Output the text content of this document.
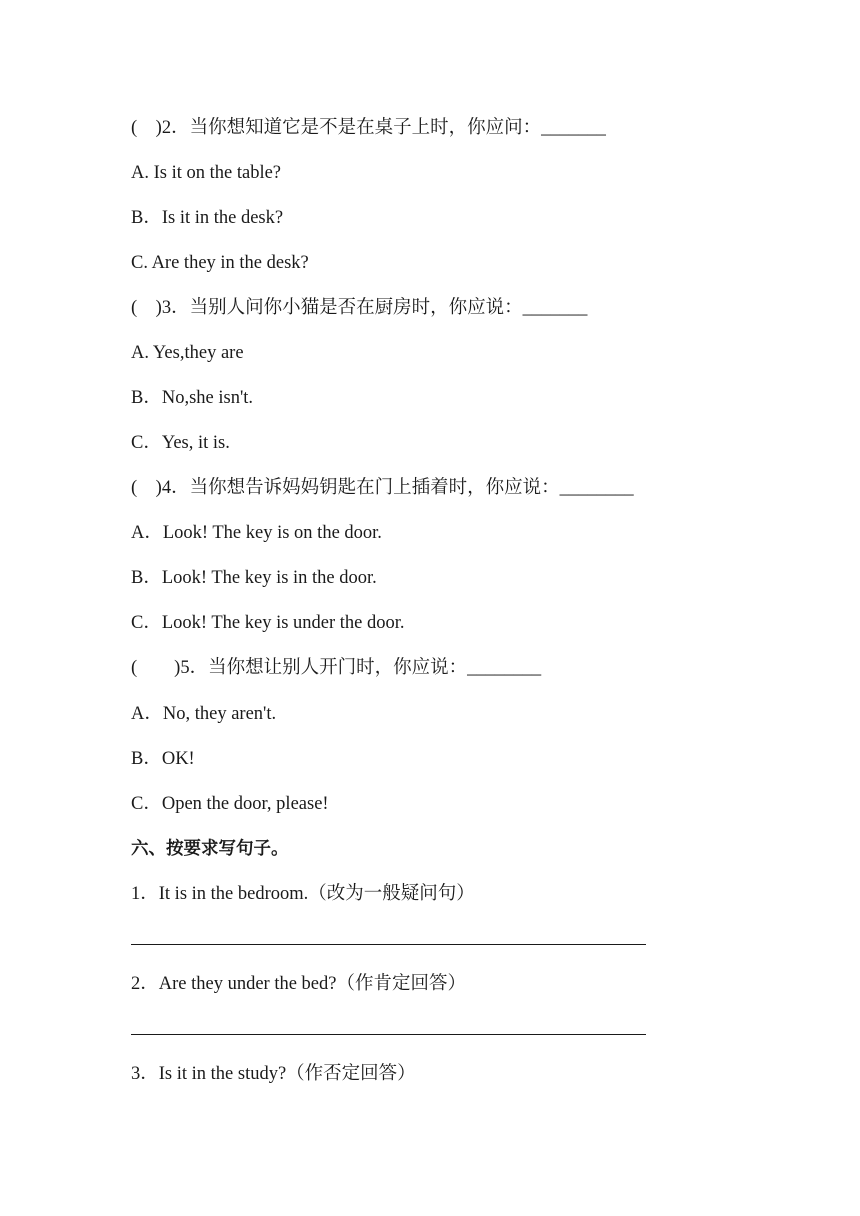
(    )2．当你想知道它是不是在桌子上时，你应问：_______
A. Is it on the table?
B．Is it in the desk?
C. Are they in the desk?
(    )3．当别人问你小猫是否在厨房时，你应说：_______
A. Yes,they are
B．No,she isn't.
C．Yes, it is.
(    )4．当你想告诉妈妈钥匙在门上插着时，你应说：________
A．Look! The key is on the door.
B．Look! The key is in the door.
C．Look! The key is under the door.
(        )5．当你想让别人开门时，你应说：________
A．No, they aren't.
B．OK!
C．Open the door, please!
六、按要求写句子。
1．It is in the bedroom.（改为一般疑问句）
2．Are they under the bed?（作肯定回答）
3．Is it in the study?（作否定回答）
